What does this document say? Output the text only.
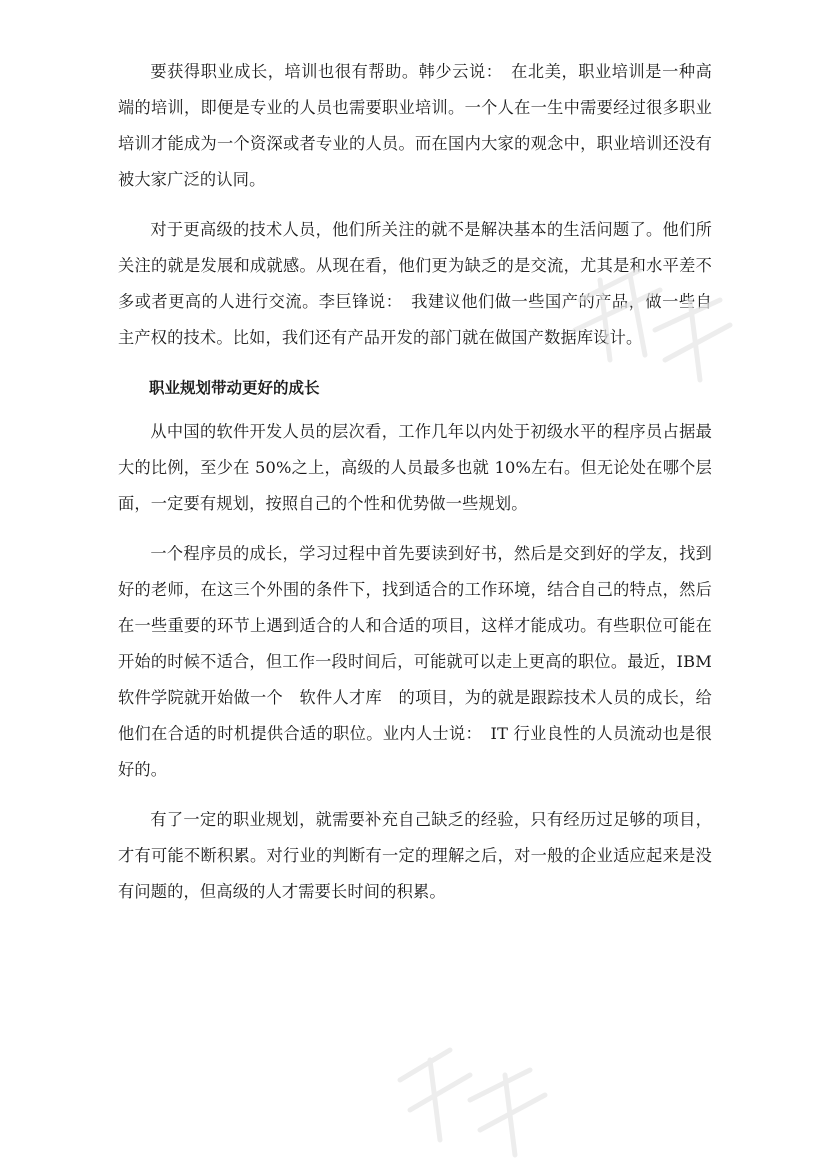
要获得职业成长，培训也很有帮助。韩少云说：　在北美，职业培训是一种高端的培训，即便是专业的人员也需要职业培训。一个人在一生中需要经过很多职业培训才能成为一个资深或者专业的人员。而在国内大家的观念中，职业培训还没有被大家广泛的认同。

对于更高级的技术人员，他们所关注的就不是解决基本的生活问题了。他们所关注的就是发展和成就感。从现在看，他们更为缺乏的是交流，尤其是和水平差不多或者更高的人进行交流。李巨锋说：　我建议他们做一些国产的产品，做一些自主产权的技术。比如，我们还有产品开发的部门就在做国产数据库设计。

职业规划带动更好的成长

从中国的软件开发人员的层次看，工作几年以内处于初级水平的程序员占据最大的比例，至少在 50%之上，高级的人员最多也就 10%左右。但无论处在哪个层面，一定要有规划，按照自己的个性和优势做一些规划。

一个程序员的成长，学习过程中首先要读到好书，然后是交到好的学友，找到好的老师，在这三个外围的条件下，找到适合的工作环境，结合自己的特点，然后在一些重要的环节上遇到适合的人和合适的项目，这样才能成功。有些职位可能在开始的时候不适合，但工作一段时间后，可能就可以走上更高的职位。最近，IBM 软件学院就开始做一个　软件人才库　的项目，为的就是跟踪技术人员的成长，给他们在合适的时机提供合适的职位。业内人士说：　IT 行业良性的人员流动也是很好的。

有了一定的职业规划，就需要补充自己缺乏的经验，只有经历过足够的项目，才有可能不断积累。对行业的判断有一定的理解之后，对一般的企业适应起来是没有问题的，但高级的人才需要长时间的积累。
